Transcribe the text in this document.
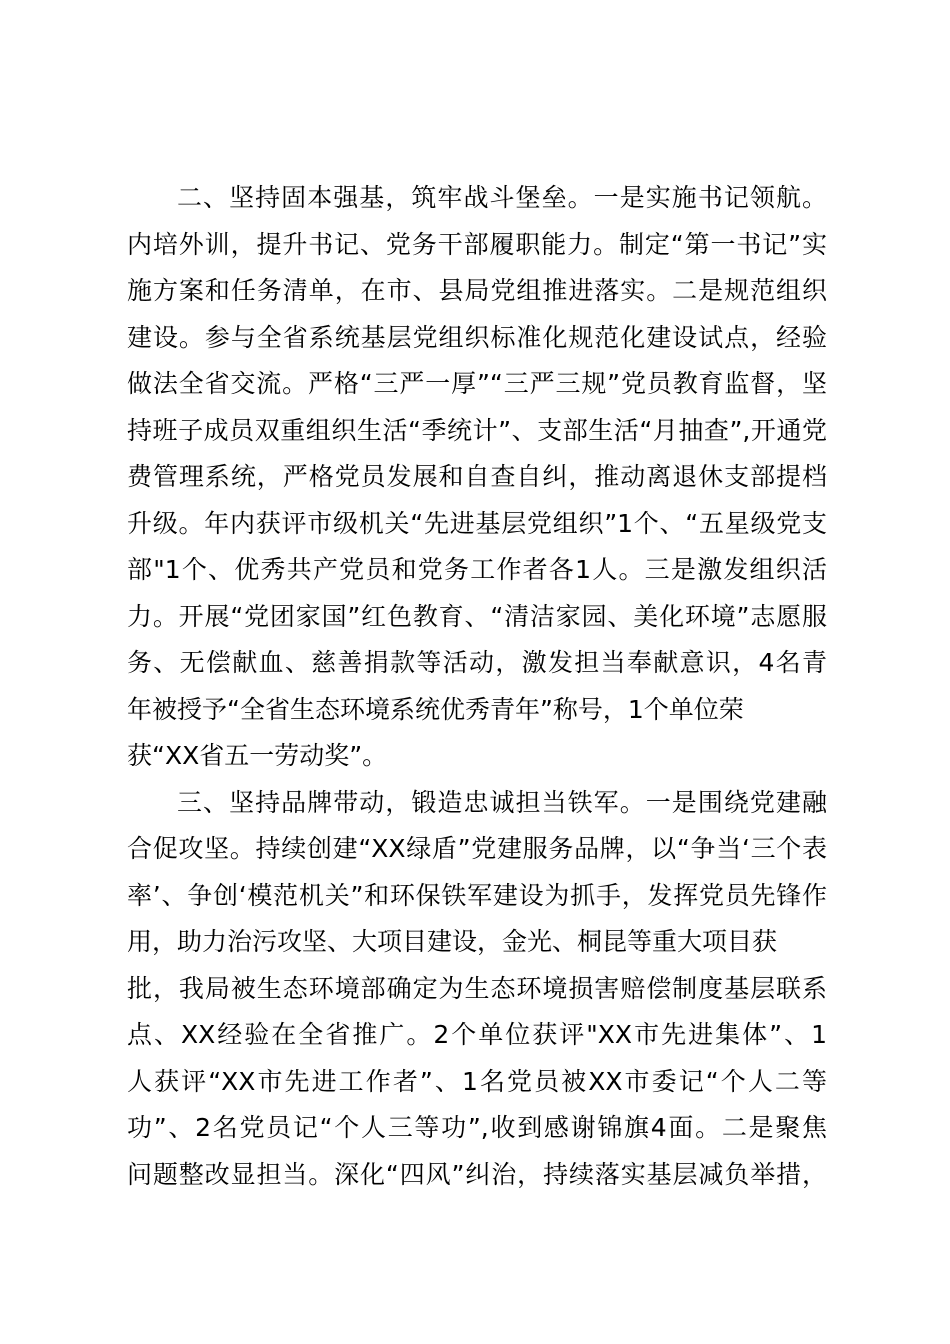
二、坚持固本强基，筑牢战斗堡垒。一是实施书记领航。
内培外训，提升书记、党务干部履职能力。制定“第一书记”实
施方案和任务清单，在市、县局党组推进落实。二是规范组织
建设。参与全省系统基层党组织标准化规范化建设试点，经验
做法全省交流。严格“三严一厚”“三严三规”党员教育监督，坚
持班子成员双重组织生活“季统计”、支部生活“月抽查”,开通党
费管理系统，严格党员发展和自查自纠，推动离退休支部提档
升级。年内获评市级机关“先进基层党组织”1个、“五星级党支
部"1个、优秀共产党员和党务工作者各1人。三是激发组织活
力。开展“党团家国”红色教育、“清洁家园、美化环境”志愿服
务、无偿献血、慈善捐款等活动，激发担当奉献意识，4名青
年被授予“全省生态环境系统优秀青年”称号，1个单位荣
获“XX省五一劳动奖”。
三、坚持品牌带动，锻造忠诚担当铁军。一是围绕党建融
合促攻坚。持续创建“XX绿盾”党建服务品牌，以“争当‘三个表
率’、争创‘模范机关”和环保铁军建设为抓手，发挥党员先锋作
用，助力治污攻坚、大项目建设，金光、桐昆等重大项目获
批，我局被生态环境部确定为生态环境损害赔偿制度基层联系
点、XX经验在全省推广。2个单位获评"XX市先进集体”、1
人获评“XX市先进工作者”、1名党员被XX市委记“个人二等
功”、2名党员记“个人三等功”,收到感谢锦旗4面。二是聚焦
问题整改显担当。深化“四风”纠治，持续落实基层减负举措，
